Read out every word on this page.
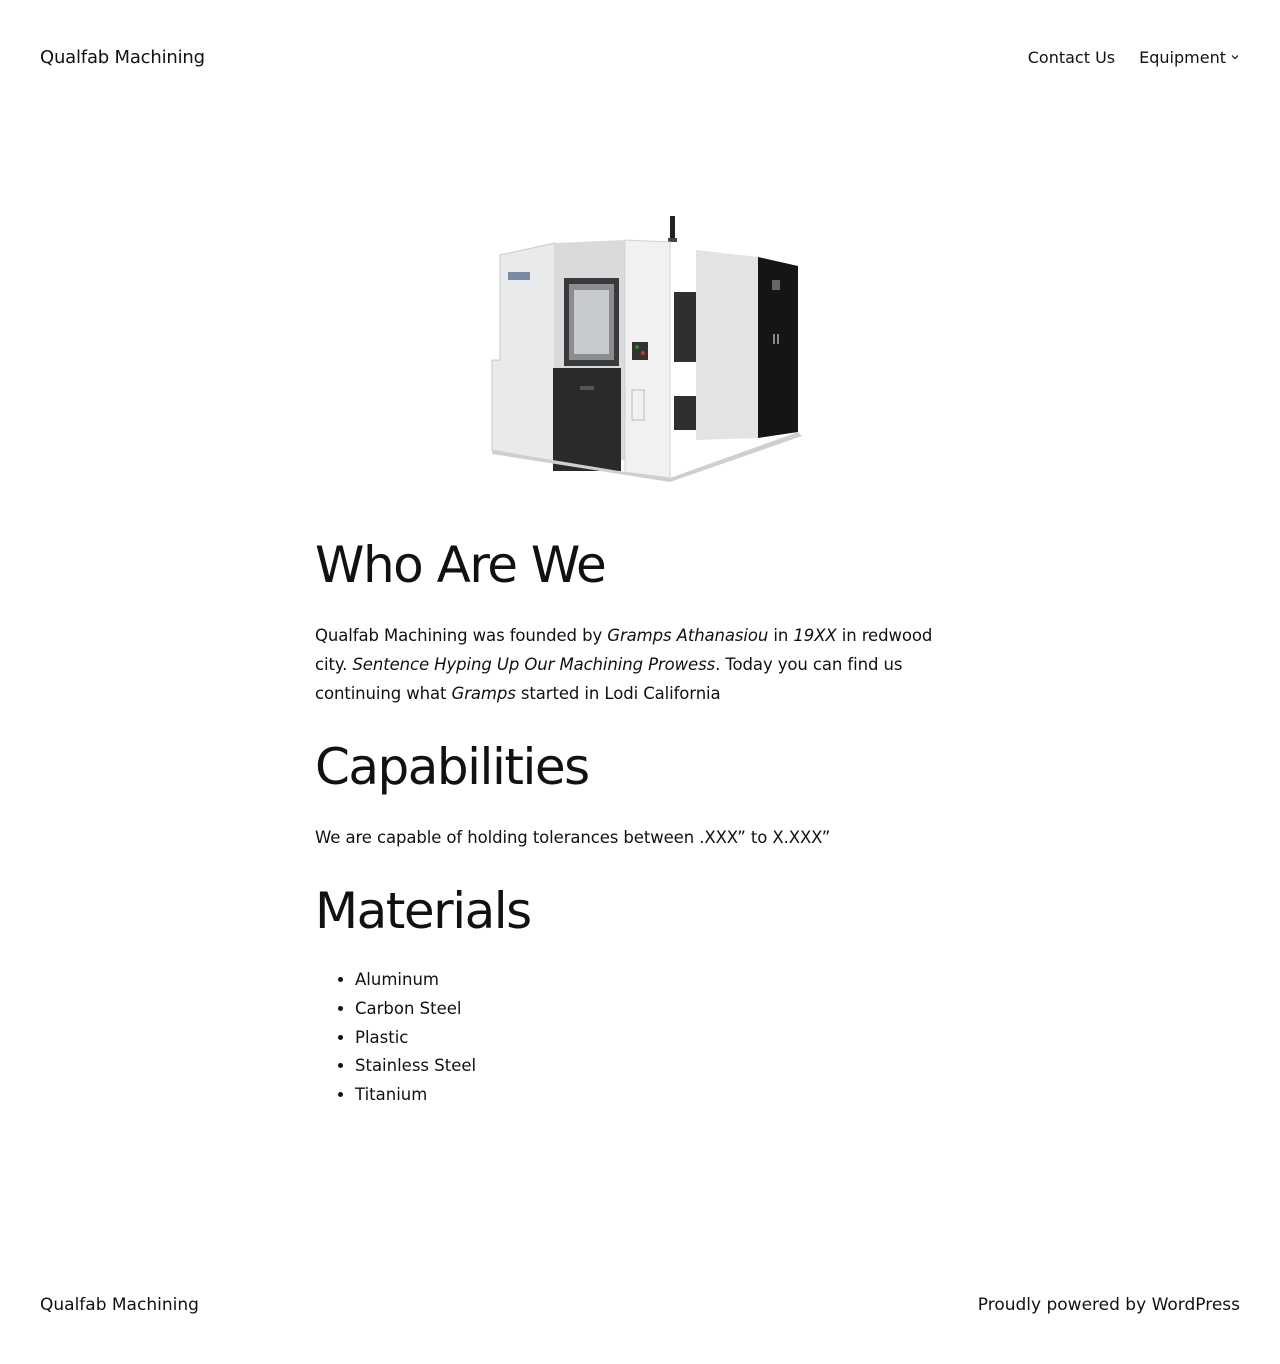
Qualfab Machining	Contact Us Equipment
Who Are We

Qualfab Machining was founded by Gramps Athanasiou in 19XX in redwood city. Sentence Hyping Up Our Machining Prowess. Today you can find us continuing what Gramps started in Lodi California

Capabilities

We are capable of holding tolerances between .XXX” to X.XXX”

Materials
• Aluminum
• Carbon Steel
• Plastic
• Stainless Steel
• Titanium
Qualfab Machining	Proudly powered by WordPress
